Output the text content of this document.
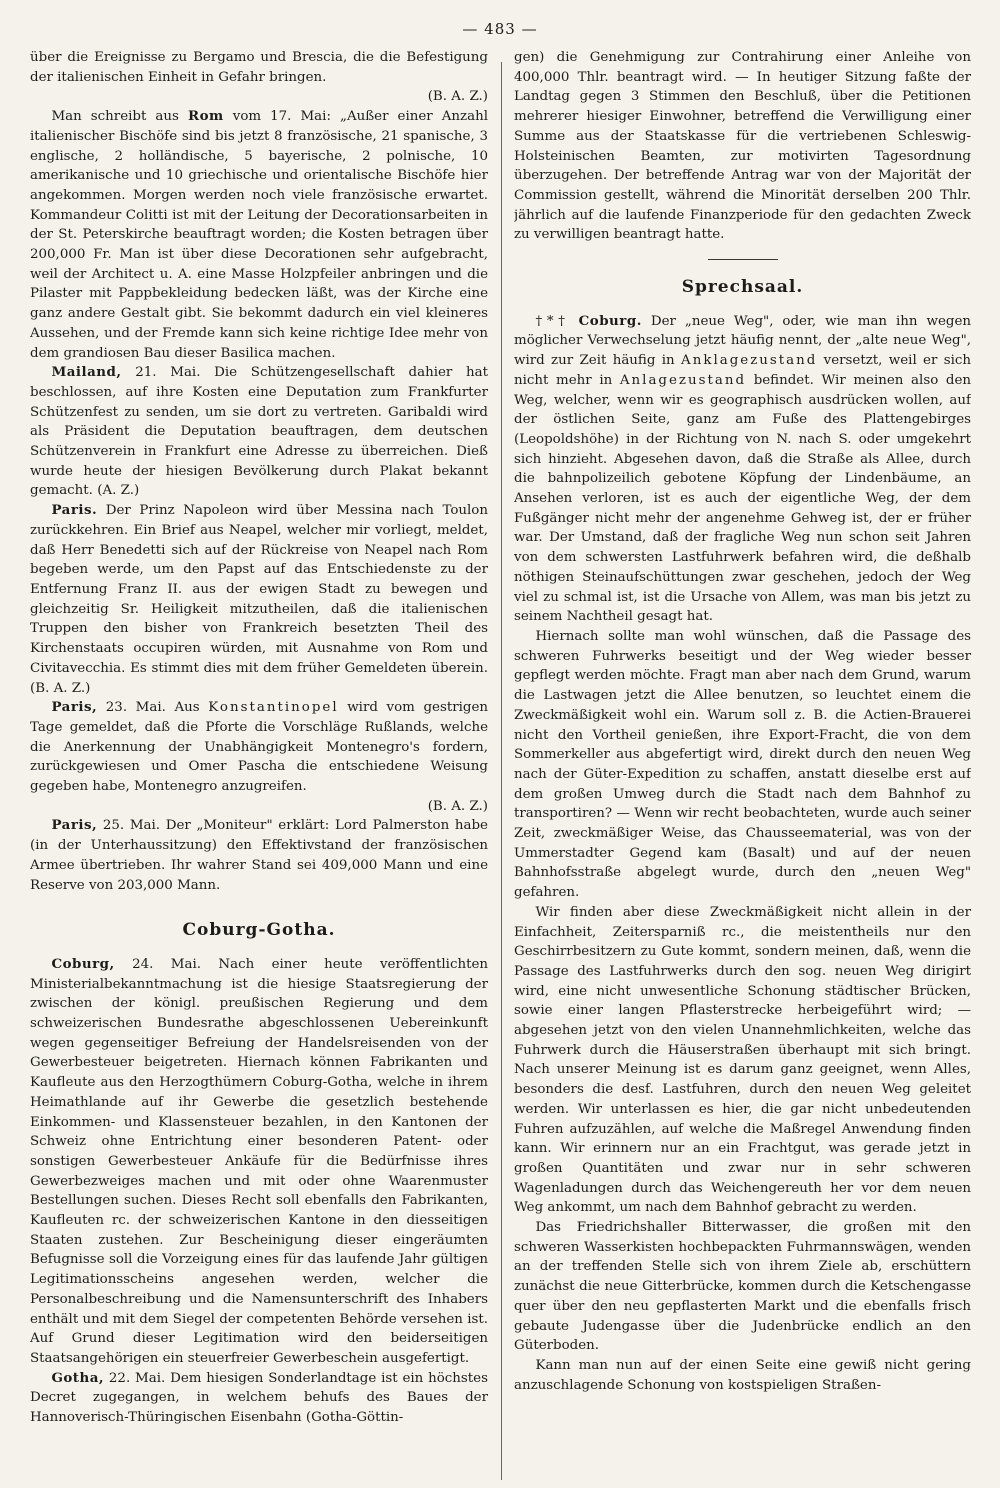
— 483 —

über die Ereignisse zu Bergamo und Brescia, die die Befestigung der italienischen Einheit in Gefahr bringen.

(B. A. Z.)

Man schreibt aus Rom vom 17. Mai: „Außer einer Anzahl italienischer Bischöfe sind bis jetzt 8 französische, 21 spanische, 3 englische, 2 holländische, 5 bayerische, 2 polnische, 10 amerikanische und 10 griechische und orientalische Bischöfe hier angekommen. Morgen werden noch viele französische erwartet. Kommandeur Colitti ist mit der Leitung der Decorationsarbeiten in der St. Peterskirche beauftragt worden; die Kosten betragen über 200,000 Fr. Man ist über diese Decorationen sehr aufgebracht, weil der Architect u. A. eine Masse Holzpfeiler anbringen und die Pilaster mit Pappbekleidung bedecken läßt, was der Kirche eine ganz andere Gestalt gibt. Sie bekommt dadurch ein viel kleineres Aussehen, und der Fremde kann sich keine richtige Idee mehr von dem grandiosen Bau dieser Basilica machen.

Mailand, 21. Mai. Die Schützengesellschaft dahier hat beschlossen, auf ihre Kosten eine Deputation zum Frankfurter Schützenfest zu senden, um sie dort zu vertreten. Garibaldi wird als Präsident die Deputation beauftragen, dem deutschen Schützenverein in Frankfurt eine Adresse zu überreichen. Dieß wurde heute der hiesigen Bevölkerung durch Plakat bekannt gemacht. (A. Z.)

Paris. Der Prinz Napoleon wird über Messina nach Toulon zurückkehren. Ein Brief aus Neapel, welcher mir vorliegt, meldet, daß Herr Benedetti sich auf der Rückreise von Neapel nach Rom begeben werde, um den Papst auf das Entschiedenste zu der Entfernung Franz II. aus der ewigen Stadt zu bewegen und gleichzeitig Sr. Heiligkeit mitzutheilen, daß die italienischen Truppen den bisher von Frankreich besetzten Theil des Kirchenstaats occupiren würden, mit Ausnahme von Rom und Civitavecchia. Es stimmt dies mit dem früher Gemeldeten überein. (B. A. Z.)

Paris, 23. Mai. Aus Konstantinopel wird vom gestrigen Tage gemeldet, daß die Pforte die Vorschläge Rußlands, welche die Anerkennung der Unabhängigkeit Montenegro's fordern, zurückgewiesen und Omer Pascha die entschiedene Weisung gegeben habe, Montenegro anzugreifen.

(B. A. Z.)

Paris, 25. Mai. Der „Moniteur" erklärt: Lord Palmerston habe (in der Unterhaussitzung) den Effektivstand der französischen Armee übertrieben. Ihr wahrer Stand sei 409,000 Mann und eine Reserve von 203,000 Mann.

Coburg-Gotha.

Coburg, 24. Mai. Nach einer heute veröffentlichten Ministerialbekanntmachung ist die hiesige Staatsregierung der zwischen der königl. preußischen Regierung und dem schweizerischen Bundesrathe abgeschlossenen Uebereinkunft wegen gegenseitiger Befreiung der Handelsreisenden von der Gewerbesteuer beigetreten. Hiernach können Fabrikanten und Kaufleute aus den Herzogthümern Coburg-Gotha, welche in ihrem Heimathlande auf ihr Gewerbe die gesetzlich bestehende Einkommen- und Klassensteuer bezahlen, in den Kantonen der Schweiz ohne Entrichtung einer besonderen Patent- oder sonstigen Gewerbesteuer Ankäufe für die Bedürfnisse ihres Gewerbezweiges machen und mit oder ohne Waarenmuster Bestellungen suchen. Dieses Recht soll ebenfalls den Fabrikanten, Kaufleuten rc. der schweizerischen Kantone in den diesseitigen Staaten zustehen. Zur Bescheinigung dieser eingeräumten Befugnisse soll die Vorzeigung eines für das laufende Jahr gültigen Legitimationsscheins angesehen werden, welcher die Personalbeschreibung und die Namensunterschrift des Inhabers enthält und mit dem Siegel der competenten Behörde versehen ist. Auf Grund dieser Legitimation wird den beiderseitigen Staatsangehörigen ein steuerfreier Gewerbeschein ausgefertigt.

Gotha, 22. Mai. Dem hiesigen Sonderlandtage ist ein höchstes Decret zugegangen, in welchem behufs des Baues der Hannoverisch-Thüringischen Eisenbahn (Gotha-Göttin-

gen) die Genehmigung zur Contrahirung einer Anleihe von 400,000 Thlr. beantragt wird. — In heutiger Sitzung faßte der Landtag gegen 3 Stimmen den Beschluß, über die Petitionen mehrerer hiesiger Einwohner, betreffend die Verwilligung einer Summe aus der Staatskasse für die vertriebenen Schleswig-Holsteinischen Beamten, zur motivirten Tagesordnung überzugehen. Der betreffende Antrag war von der Majorität der Commission gestellt, während die Minorität derselben 200 Thlr. jährlich auf die laufende Finanzperiode für den gedachten Zweck zu verwilligen beantragt hatte.

Sprechsaal.

†*† Coburg. Der „neue Weg", oder, wie man ihn wegen möglicher Verwechselung jetzt häufig nennt, der „alte neue Weg", wird zur Zeit häufig in Anklagezustand versetzt, weil er sich nicht mehr in Anlagezustand befindet. Wir meinen also den Weg, welcher, wenn wir es geographisch ausdrücken wollen, auf der östlichen Seite, ganz am Fuße des Plattengebirges (Leopoldshöhe) in der Richtung von N. nach S. oder umgekehrt sich hinzieht. Abgesehen davon, daß die Straße als Allee, durch die bahnpolizeilich gebotene Köpfung der Lindenbäume, an Ansehen verloren, ist es auch der eigentliche Weg, der dem Fußgänger nicht mehr der angenehme Gehweg ist, der er früher war. Der Umstand, daß der fragliche Weg nun schon seit Jahren von dem schwersten Lastfuhrwerk befahren wird, die deßhalb nöthigen Steinaufschüttungen zwar geschehen, jedoch der Weg viel zu schmal ist, ist die Ursache von Allem, was man bis jetzt zu seinem Nachtheil gesagt hat.

Hiernach sollte man wohl wünschen, daß die Passage des schweren Fuhrwerks beseitigt und der Weg wieder besser gepflegt werden möchte. Fragt man aber nach dem Grund, warum die Lastwagen jetzt die Allee benutzen, so leuchtet einem die Zweckmäßigkeit wohl ein. Warum soll z. B. die Actien-Brauerei nicht den Vortheil genießen, ihre Export-Fracht, die von dem Sommerkeller aus abgefertigt wird, direkt durch den neuen Weg nach der Güter-Expedition zu schaffen, anstatt dieselbe erst auf dem großen Umweg durch die Stadt nach dem Bahnhof zu transportiren? — Wenn wir recht beobachteten, wurde auch seiner Zeit, zweckmäßiger Weise, das Chausseematerial, was von der Ummerstadter Gegend kam (Basalt) und auf der neuen Bahnhofsstraße abgelegt wurde, durch den „neuen Weg" gefahren.

Wir finden aber diese Zweckmäßigkeit nicht allein in der Einfachheit, Zeitersparniß rc., die meistentheils nur den Geschirrbesitzern zu Gute kommt, sondern meinen, daß, wenn die Passage des Lastfuhrwerks durch den sog. neuen Weg dirigirt wird, eine nicht unwesentliche Schonung städtischer Brücken, sowie einer langen Pflasterstrecke herbeigeführt wird; — abgesehen jetzt von den vielen Unannehmlichkeiten, welche das Fuhrwerk durch die Häuserstraßen überhaupt mit sich bringt. Nach unserer Meinung ist es darum ganz geeignet, wenn Alles, besonders die desf. Lastfuhren, durch den neuen Weg geleitet werden. Wir unterlassen es hier, die gar nicht unbedeutenden Fuhren aufzuzählen, auf welche die Maßregel Anwendung finden kann. Wir erinnern nur an ein Frachtgut, was gerade jetzt in großen Quantitäten und zwar nur in sehr schweren Wagenladungen durch das Weichengereuth her vor dem neuen Weg ankommt, um nach dem Bahnhof gebracht zu werden.

Das Friedrichshaller Bitterwasser, die großen mit den schweren Wasserkisten hochbepackten Fuhrmannswägen, wenden an der treffenden Stelle sich von ihrem Ziele ab, erschüttern zunächst die neue Gitterbrücke, kommen durch die Ketschengasse quer über den neu gepflasterten Markt und die ebenfalls frisch gebaute Judengasse über die Judenbrücke endlich an den Güterboden.

Kann man nun auf der einen Seite eine gewiß nicht gering anzuschlagende Schonung von kostspieligen Straßen-
